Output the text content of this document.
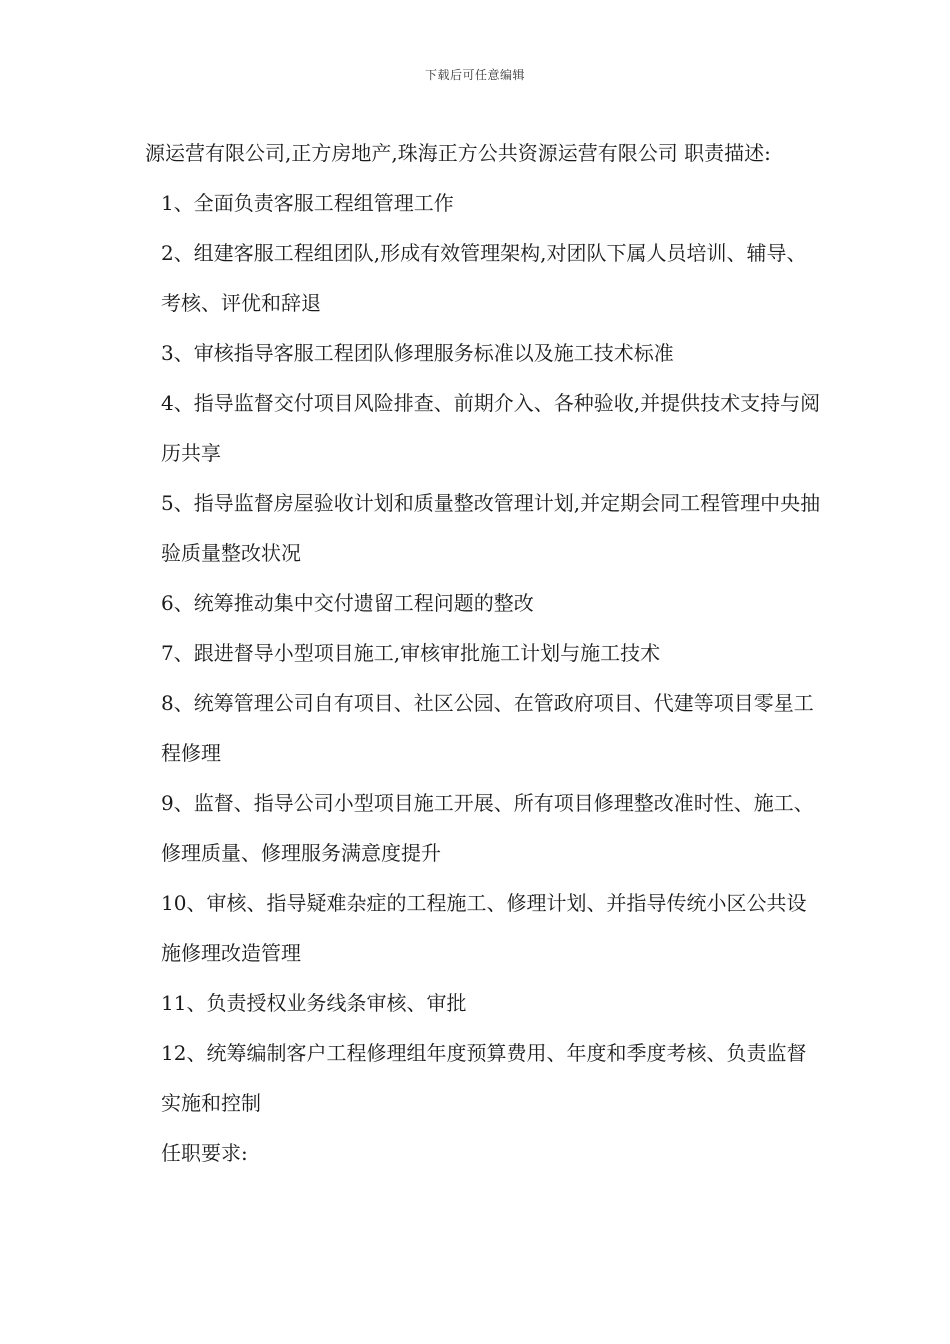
下载后可任意编辑

源运营有限公司,正方房地产,珠海正方公共资源运营有限公司 职责描述:

1、全面负责客服工程组管理工作

2、组建客服工程组团队,形成有效管理架构,对团队下属人员培训、辅导、考核、评优和辞退

3、审核指导客服工程团队修理服务标准以及施工技术标准

4、指导监督交付项目风险排查、前期介入、各种验收,并提供技术支持与阅历共享

5、指导监督房屋验收计划和质量整改管理计划,并定期会同工程管理中央抽验质量整改状况

6、统筹推动集中交付遗留工程问题的整改

7、跟进督导小型项目施工,审核审批施工计划与施工技术

8、统筹管理公司自有项目、社区公园、在管政府项目、代建等项目零星工程修理

9、监督、指导公司小型项目施工开展、所有项目修理整改准时性、施工、修理质量、修理服务满意度提升

10、审核、指导疑难杂症的工程施工、修理计划、并指导传统小区公共设施修理改造管理

11、负责授权业务线条审核、审批

12、统筹编制客户工程修理组年度预算费用、年度和季度考核、负责监督实施和控制

任职要求:
